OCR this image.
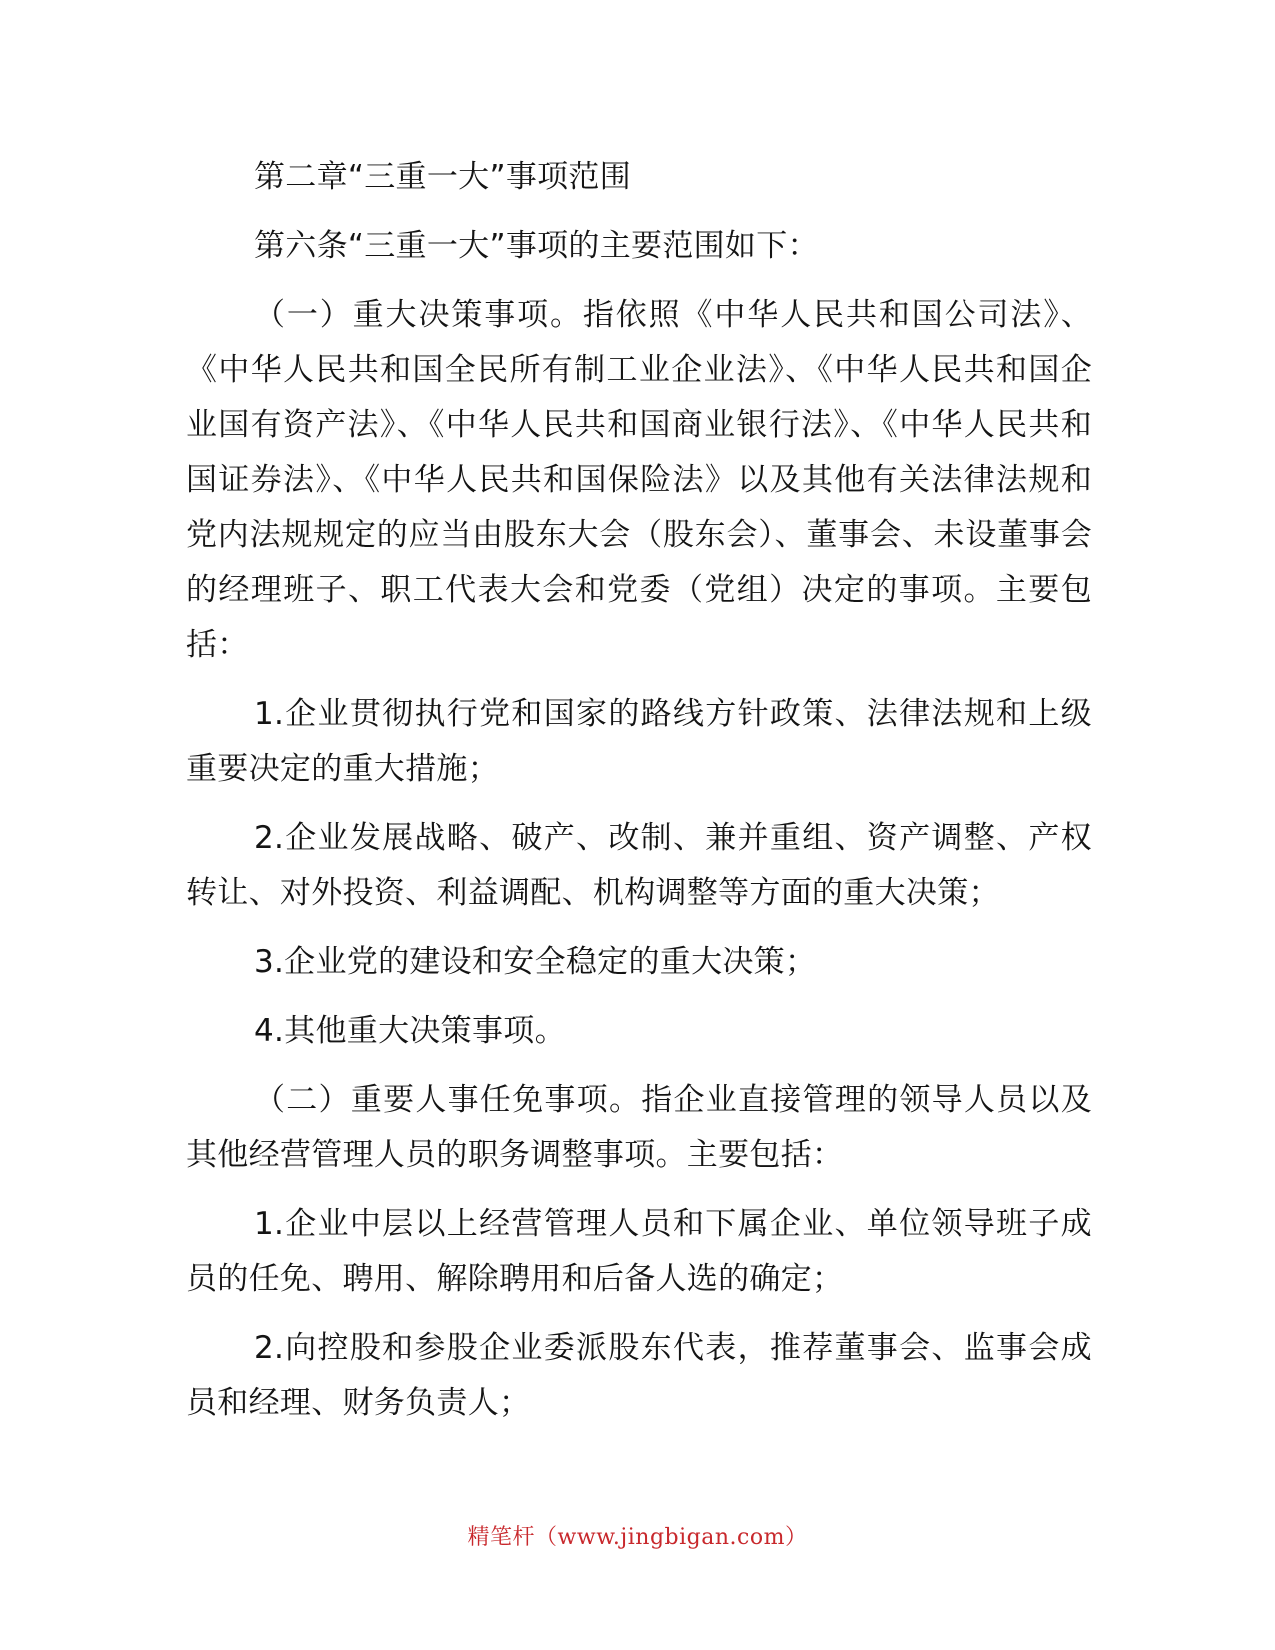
第二章“三重一大”事项范围

第六条“三重一大”事项的主要范围如下：

（一）重大决策事项。指依照《中华人民共和国公司法》、《中华人民共和国全民所有制工业企业法》、《中华人民共和国企业国有资产法》、《中华人民共和国商业银行法》、《中华人民共和国证券法》、《中华人民共和国保险法》以及其他有关法律法规和党内法规规定的应当由股东大会（股东会）、董事会、未设董事会的经理班子、职工代表大会和党委（党组）决定的事项。主要包括：

1.企业贯彻执行党和国家的路线方针政策、法律法规和上级重要决定的重大措施；

2.企业发展战略、破产、改制、兼并重组、资产调整、产权转让、对外投资、利益调配、机构调整等方面的重大决策；

3.企业党的建设和安全稳定的重大决策；

4.其他重大决策事项。

（二）重要人事任免事项。指企业直接管理的领导人员以及其他经营管理人员的职务调整事项。主要包括：

1.企业中层以上经营管理人员和下属企业、单位领导班子成员的任免、聘用、解除聘用和后备人选的确定；

2.向控股和参股企业委派股东代表，推荐董事会、监事会成员和经理、财务负责人；

精笔杆（www.jingbigan.com）
